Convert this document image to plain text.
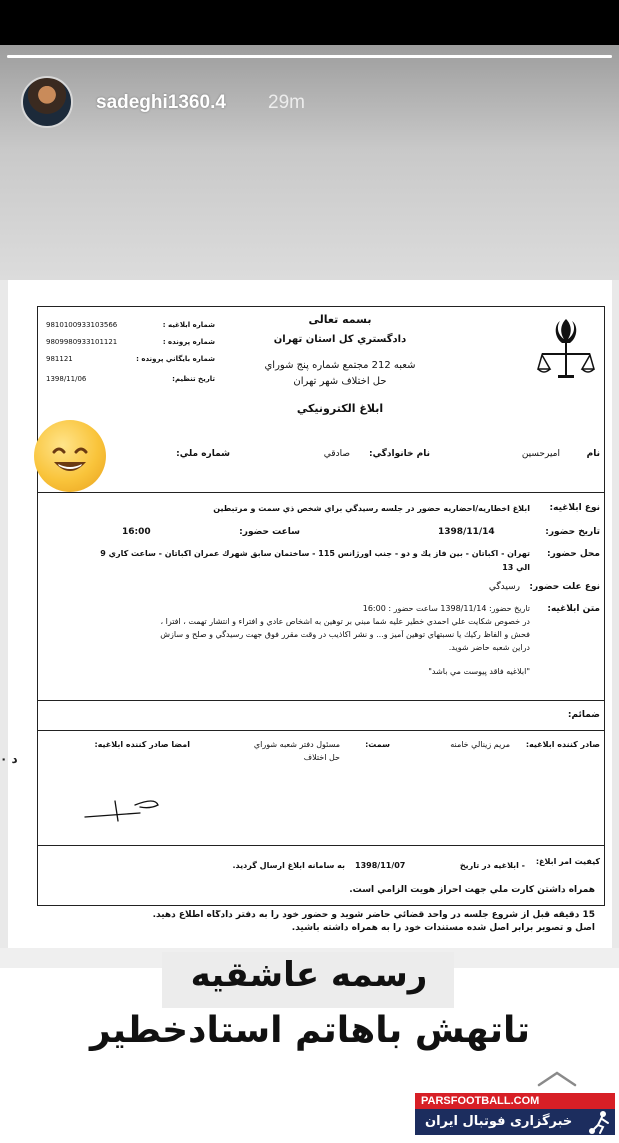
sadeghi1360.4 29m
د ٠
بسمه تعالى
دادگستري كل استان تهران
شعبه 212 مجتمع شماره پنج شوراي
حل اختلاف شهر تهران
ابلاغ الكترونيكي
شماره ابلاغيه :
9810100933103566
شماره پرونده :
9809980933101121
شماره بايگاني پرونده :
981121
تاريخ تنظيم:
1398/11/06
نام
اميرحسين
نام خانوادگي:
صادقي
شماره ملي:
نوع ابلاغيه:
ابلاغ اخطاريه/احضاريه حضور در جلسه رسيدگي براي شخص ذي سمت و مرتبطين
تاريخ حضور:
1398/11/14
ساعت حضور:
16:00
محل حضور:
تهران - اكباتان - بين فاز يك و دو - جنب اورژانس 115 - ساختمان سابق شهرك عمران اكباتان - ساعت كاري 9
الي 13
نوع علت حضور:
رسيدگي
متن ابلاغيه:
تاريخ حضور: 1398/11/14 ساعت حضور : 16:00
در خصوص شكايت علي احمدي خطير عليه شما مبني بر توهين به اشخاص عادي و افتراء و انتشار تهمت ، افترا ،
فحش و الفاظ ركيك يا نسبتهاي توهين آميز و... و نشر اكاذيب در وقت مقرر فوق جهت رسيدگي و صلح و سازش
دراين شعبه حاضر شويد.
"ابلاغيه فاقد پيوست مي باشد"
ضمائم:
صادر كننده ابلاغيه:
مريم زينالي خامنه
سمت:
مسئول دفتر شعبه شوراي
حل اختلاف
امضا صادر كننده ابلاغيه:
كيفيت امر ابلاغ:
- ابلاغيه در تاريخ
1398/11/07
به سامانه ابلاغ ارسال گرديد.
همراه داشتن كارت ملي جهت احراز هويت الزامي است.
15 دقيقه قبل از شروع جلسه در واحد قضائي حاضر شويد و حضور خود را به دفتر دادگاه اطلاع دهيد.
اصل و تصوير برابر اصل شده مستندات خود را به همراه داشته باشيد.
رسمه عاشقيه
تاتهش باهاتم استادخطير
PARSFOOTBALL.COM
خبرگزاری فوتبال ایران
